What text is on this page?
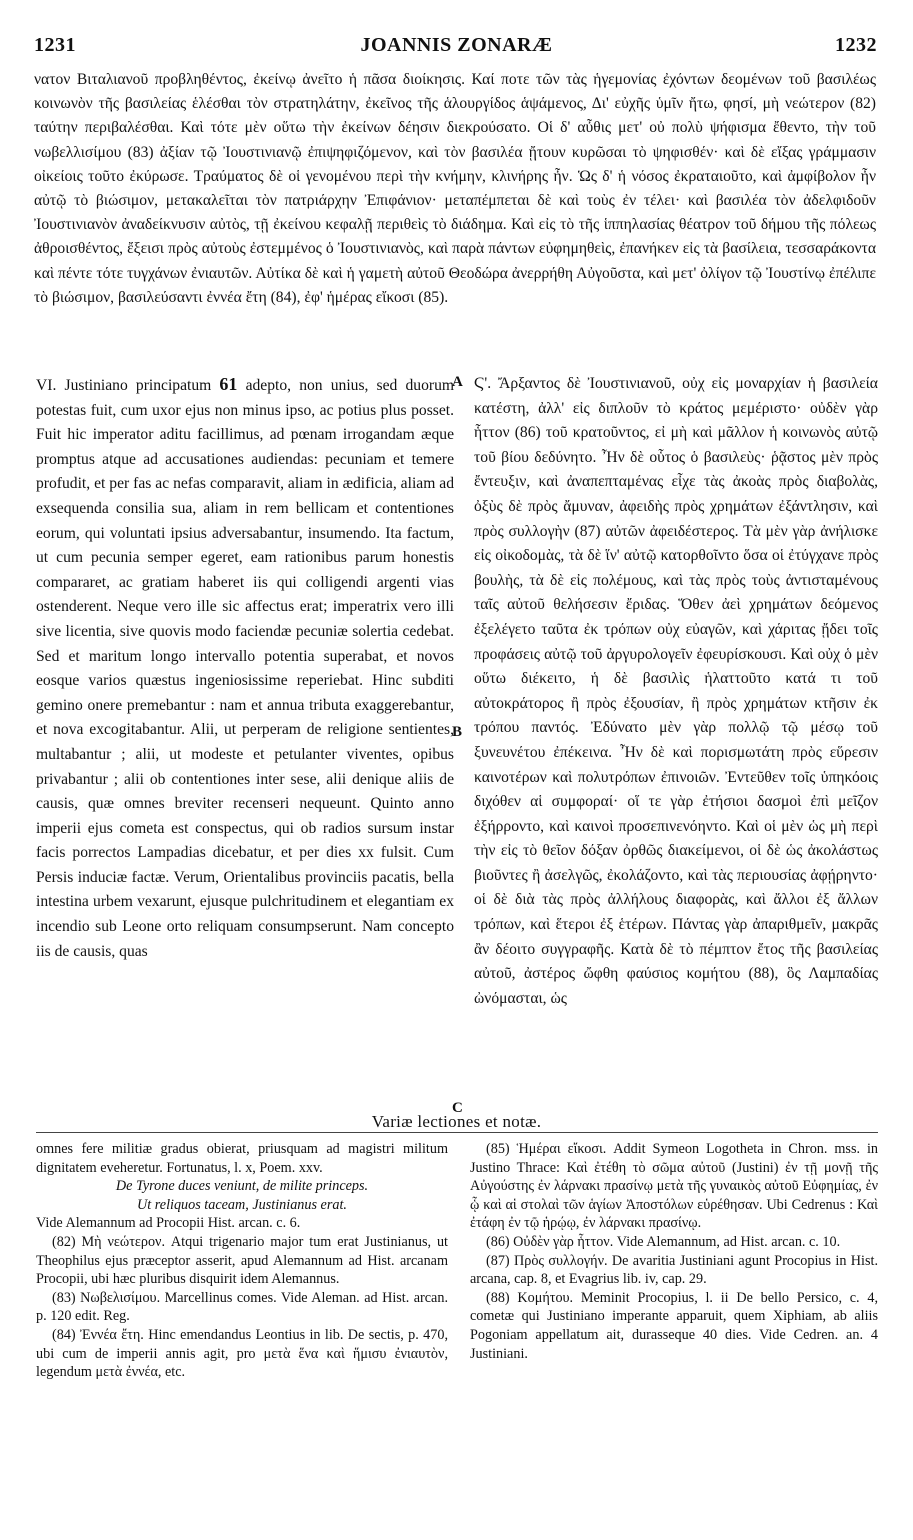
1231	JOANNIS ZONARÆ	1232

νατον Βιταλιανοῦ προβληθέντος, ἐκείνῳ ἀνεῖτο ἡ πᾶσα διοίκησις. Καί ποτε τῶν τὰς ἡγεμονίας ἐχόντων δεομένων τοῦ βασιλέως κοινωνὸν τῆς βασιλείας ἑλέσθαι τὸν στρατηλάτην, ἐκεῖνος τῆς ἁλουργίδος ἁψάμενος, Δι' εὐχῆς ὑμῖν ἤτω, φησί, μὴ νεώτερον (82) ταύτην περιβαλέσθαι. Καὶ τότε μὲν οὕτω τὴν ἐκείνων δέησιν διεκρούσατο. Οἱ δ' αὖθις μετ' οὐ πολὺ ψήφισμα ἔθεντο, τὴν τοῦ νωβελλισίμου (83) ἀξίαν τῷ Ἰουστινιανῷ ἐπιψηφιζόμενον, καὶ τὸν βασιλέα ᾔτουν κυρῶσαι τὸ ψηφισθέν· καὶ δὲ εἴξας γράμμασιν οἰκείοις τοῦτο ἐκύρωσε. Τραύματος δὲ οἱ γενομένου περὶ τὴν κνήμην, κλινήρης ἦν. Ὡς δ' ἡ νόσος ἐκραταιοῦτο, καὶ ἀμφίβολον ἦν αὐτῷ τὸ βιώσιμον, μετακαλεῖται τὸν πατριάρχην Ἐπιφάνιον· μεταπέμπεται δὲ καὶ τοὺς ἐν τέλει· καὶ βασιλέα τὸν ἀδελφιδοῦν Ἰουστινιανὸν ἀναδείκνυσιν αὐτὸς, τῇ ἐκείνου κεφαλῇ περιθεὶς τὸ διάδημα. Καὶ εἰς τὸ τῆς ἱππηλασίας θέατρον τοῦ δήμου τῆς πόλεως ἀθροισθέντος, ἔξεισι πρὸς αὐτοὺς ἐστεμμένος ὁ Ἰουστινιανὸς, καὶ παρὰ πάντων εὐφημηθεὶς, ἐπανήκεν εἰς τὰ βασίλεια, τεσσαράκοντα καὶ πέντε τότε τυγχάνων ἐνιαυτῶν. Αὐτίκα δὲ καὶ ἡ γαμετὴ αὐτοῦ Θεοδώρα ἀνερρήθη Αὐγοῦστα, καὶ μετ' ὀλίγον τῷ Ἰουστίνῳ ἐπέλιπε τὸ βιώσιμον, βασιλεύσαντι ἐννέα ἔτη (84), ἐφ' ἡμέρας εἴκοσι (85).

VI. Justiniano principatum 61 adepto, non unius, sed duorum potestas fuit, cum uxor ejus non minus ipso, ac potius plus posset. Fuit hic imperator aditu facillimus, ad pœnam irrogandam æque promptus atque ad accusationes audiendas: pecuniam et temere profudit, et per fas ac nefas comparavit, aliam in ædificia, aliam ad exsequenda consilia sua, aliam in rem bellicam et contentiones eorum, qui voluntati ipsius adversabantur, insumendo. Ita factum, ut cum pecunia semper egeret, eam rationibus parum honestis compararet, ac gratiam haberet iis qui colligendi argenti vias ostenderent. Neque vero ille sic affectus erat; imperatrix vero illi sive licentia, sive quovis modo faciendæ pecuniæ solertia cedebat. Sed et maritum longo intervallo potentia superabat, et novos eosque varios quæstus ingeniosissime reperiebat. Hinc subditi gemino onere premebantur : nam et annua tributa exaggerebantur, et nova excogitabantur. Alii, ut perperam de religione sentientes, multabantur ; alii, ut modeste et petulanter viventes, opibus privabantur ; alii ob contentiones inter sese, alii denique aliis de causis, quæ omnes breviter recenseri nequeunt. Quinto anno imperii ejus cometa est conspectus, qui ob radios sursum instar facis porrectos Lampadias dicebatur, et per dies xx fulsit. Cum Persis induciæ factæ. Verum, Orientalibus provinciis pacatis, bella intestina urbem vexarunt, ejusque pulchritudinem et elegantiam ex incendio sub Leone orto reliquam consumpserunt. Nam concepto iis de causis, quas

A
B
C

Ϛ'. Ἄρξαντος δὲ Ἰουστινιανοῦ, οὐχ εἰς μοναρχίαν ἡ βασιλεία κατέστη, ἀλλ' εἰς διπλοῦν τὸ κράτος μεμέριστο· οὐδὲν γὰρ ἧττον (86) τοῦ κρατοῦντος, εἰ μὴ καὶ μᾶλλον ἡ κοινωνὸς αὐτῷ τοῦ βίου δεδύνητο. Ἦν δὲ οὗτος ὁ βασιλεὺς· ῥᾷστος μὲν πρὸς ἔντευξιν, καὶ ἀναπεπταμένας εἶχε τὰς ἀκοὰς πρὸς διαβολὰς, ὀξὺς δὲ πρὸς ἄμυναν, ἀφειδὴς πρὸς χρημάτων ἐξάντλησιν, καὶ πρὸς συλλογὴν (87) αὐτῶν ἀφειδέστερος. Τὰ μὲν γὰρ ἀνήλισκε εἰς οἰκοδομὰς, τὰ δὲ ἵν' αὐτῷ κατορθοῖντο ὅσα οἱ ἐτύγχανε πρὸς βουλὴς, τὰ δὲ εἰς πολέμους, καὶ τὰς πρὸς τοὺς ἀντισταμένους ταῖς αὐτοῦ θελήσεσιν ἔριδας. Ὅθεν ἀεὶ χρημάτων δεόμενος ἐξελέγετο ταῦτα ἐκ τρόπων οὐχ εὐαγῶν, καὶ χάριτας ᾔδει τοῖς προφάσεις αὐτῷ τοῦ ἀργυρολογεῖν ἐφευρίσκουσι. Καὶ οὐχ ὁ μὲν οὕτω διέκειτο, ἡ δὲ βασιλὶς ἡλαττοῦτο κατά τι τοῦ αὐτοκράτορος ἢ πρὸς ἐξουσίαν, ἢ πρὸς χρημάτων κτῆσιν ἐκ τρόπου παντός. Ἐδύνατο μὲν γὰρ πολλῷ τῷ μέσῳ τοῦ ξυνευνέτου ἐπέκεινα. Ἦν δὲ καὶ πορισμωτάτη πρὸς εὕρεσιν καινοτέρων καὶ πολυτρόπων ἐπινοιῶν. Ἐντεῦθεν τοῖς ὑπηκόοις διχόθεν αἱ συμφοραί· οἵ τε γὰρ ἐτήσιοι δασμοὶ ἐπὶ μεῖζον ἐξήρροντο, καὶ καινοὶ προσεπινενόηντο. Καὶ οἱ μὲν ὡς μὴ περὶ τὴν εἰς τὸ θεῖον δόξαν ὀρθῶς διακείμενοι, οἱ δὲ ὡς ἀκολάστως βιοῦντες ἢ ἀσελγῶς, ἐκολάζοντο, καὶ τὰς περιουσίας ἀφῄρηντο· οἱ δὲ διὰ τὰς πρὸς ἀλλήλους διαφορὰς, καὶ ἄλλοι ἐξ ἄλλων τρόπων, καὶ ἕτεροι ἐξ ἑτέρων. Πάντας γὰρ ἀπαριθμεῖν, μακρᾶς ἂν δέοιτο συγγραφῆς. Κατὰ δὲ τὸ πέμπτον ἔτος τῆς βασιλείας αὐτοῦ, ἀστέρος ὤφθη φαύσιος κομήτου (88), ὃς Λαμπαδίας ὠνόμασται, ὡς

Variæ lectiones et notæ.

omnes fere militiæ gradus obierat, priusquam ad magistri militum dignitatem eveheretur. Fortunatus, l. x, Poem. xxv.

De Tyrone duces veniunt, de milite princeps.

Ut reliquos taceam, Justinianus erat.

Vide Alemannum ad Procopii Hist. arcan. c. 6.

(82) Μὴ νεώτερον. Atqui trigenario major tum erat Justinianus, ut Theophilus ejus præceptor asserit, apud Alemannum ad Hist. arcanam Procopii, ubi hæc pluribus disquirit idem Alemannus.

(83) Νωβελισίμου. Marcellinus comes. Vide Aleman. ad Hist. arcan. p. 120 edit. Reg.

(84) Ἐννέα ἔτη. Hinc emendandus Leontius in lib. De sectis, p. 470, ubi cum de imperii annis agit, pro μετὰ ἕνα καὶ ἥμισυ ἐνιαυτὸν, legendum μετὰ ἐννέα, etc.

(85) Ἡμέραι εἴκοσι. Addit Symeon Logotheta in Chron. mss. in Justino Thrace: Καὶ ἐτέθη τὸ σῶμα αὐτοῦ (Justini) ἐν τῇ μονῇ τῆς Αὐγούστης ἐν λάρνακι πρασίνῳ μετὰ τῆς γυναικὸς αὐτοῦ Εὐφημίας, ἐν ᾧ καὶ αἱ στολαὶ τῶν ἁγίων Ἀποστόλων εὑρέθησαν. Ubi Cedrenus : Καὶ ἐτάφη ἐν τῷ ἡρῴῳ, ἐν λάρνακι πρασίνῳ.

(86) Οὐδὲν γὰρ ἧττον. Vide Alemannum, ad Hist. arcan. c. 10.

(87) Πρὸς συλλογήν. De avaritia Justiniani agunt Procopius in Hist. arcana, cap. 8, et Evagrius lib. iv, cap. 29.

(88) Κομήτου. Meminit Procopius, l. ii De bello Persico, c. 4, cometæ qui Justiniano imperante apparuit, quem Xiphiam, ab aliis Pogoniam appellatum ait, durasseque 40 dies. Vide Cedren. an. 4 Justiniani.
